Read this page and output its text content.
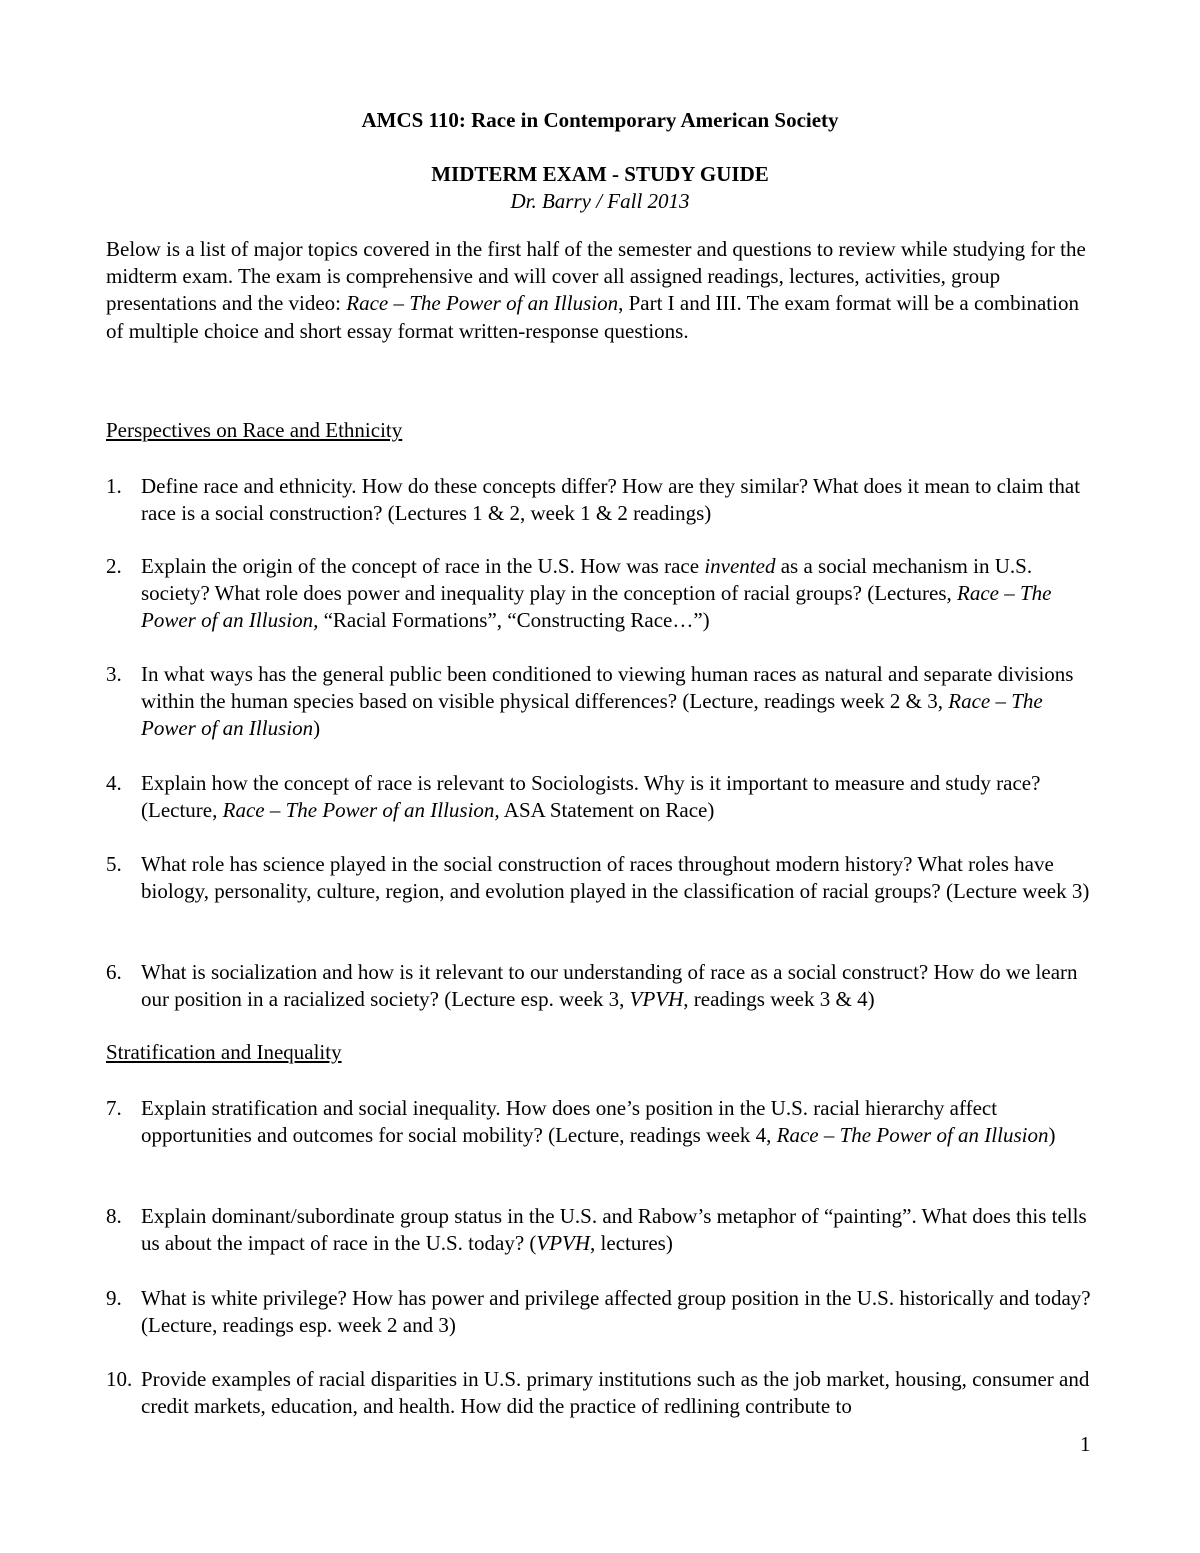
AMCS 110: Race in Contemporary American Society
MIDTERM EXAM - STUDY GUIDE
Dr. Barry / Fall 2013
Below is a list of major topics covered in the first half of the semester and questions to review while studying for the midterm exam. The exam is comprehensive and will cover all assigned readings, lectures, activities, group presentations and the video: Race – The Power of an Illusion, Part I and III. The exam format will be a combination of multiple choice and short essay format written-response questions.
Perspectives on Race and Ethnicity
1. Define race and ethnicity. How do these concepts differ? How are they similar? What does it mean to claim that race is a social construction? (Lectures 1 & 2, week 1 & 2 readings)
2. Explain the origin of the concept of race in the U.S. How was race invented as a social mechanism in U.S. society? What role does power and inequality play in the conception of racial groups? (Lectures, Race – The Power of an Illusion, “Racial Formations”, “Constructing Race…”)
3. In what ways has the general public been conditioned to viewing human races as natural and separate divisions within the human species based on visible physical differences? (Lecture, readings week 2 & 3, Race – The Power of an Illusion)
4. Explain how the concept of race is relevant to Sociologists. Why is it important to measure and study race? (Lecture, Race – The Power of an Illusion, ASA Statement on Race)
5. What role has science played in the social construction of races throughout modern history? What roles have biology, personality, culture, region, and evolution played in the classification of racial groups? (Lecture week 3)
6. What is socialization and how is it relevant to our understanding of race as a social construct? How do we learn our position in a racialized society? (Lecture esp. week 3, VPVH, readings week 3 & 4)
Stratification and Inequality
7. Explain stratification and social inequality. How does one’s position in the U.S. racial hierarchy affect opportunities and outcomes for social mobility? (Lecture, readings week 4, Race – The Power of an Illusion)
8. Explain dominant/subordinate group status in the U.S. and Rabow’s metaphor of “painting”. What does this tells us about the impact of race in the U.S. today? (VPVH, lectures)
9. What is white privilege? How has power and privilege affected group position in the U.S. historically and today? (Lecture, readings esp. week 2 and 3)
10. Provide examples of racial disparities in U.S. primary institutions such as the job market, housing, consumer and credit markets, education, and health. How did the practice of redlining contribute to
1
